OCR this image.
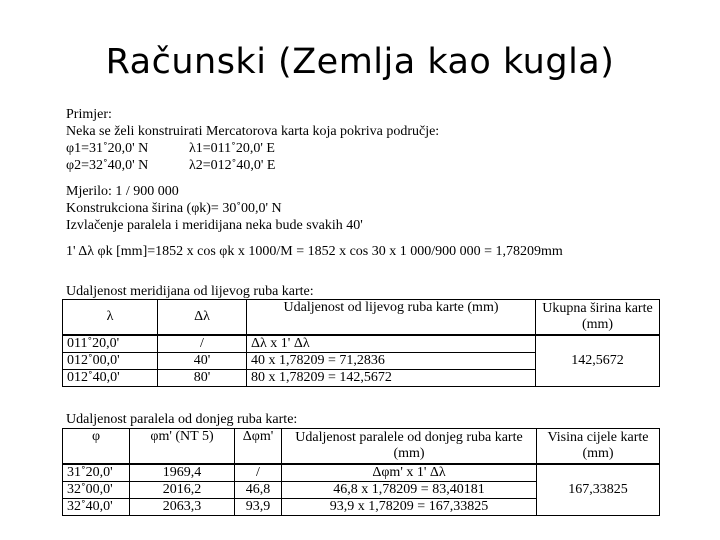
Računski (Zemlja kao kugla)
Primjer:
Neka se želi konstruirati Mercatorova karta koja pokriva područje:
φ1=31˚20,0' N	λ1=011˚20,0' E
φ2=32˚40,0' N	λ2=012˚40,0' E
Mjerilo: 1 / 900 000
Konstrukciona širina (φk)= 30˚00,0' N
Izvlačenje paralela i meridijana neka bude svakih 40'
1' Δλ φk [mm]=1852 x cos φk x 1000/M = 1852 x cos 30 x 1 000/900 000 = 1,78209mm
Udaljenost meridijana od lijevog ruba karte:
λ	Δλ	Udaljenost od lijevog ruba karte (mm)	Ukupna širina karte (mm)
011˚20,0'	/	Δλ x 1' Δλ	142,5672
012˚00,0'	40'	40 x 1,78209 = 71,2836	
012˚40,0'	80'	80 x 1,78209 = 142,5672	
Udaljenost paralela od donjeg ruba karte:
φ	φm' (NT 5)	Δφm'	Udaljenost paralele od donjeg ruba karte (mm)	Visina cijele karte (mm)
31˚20,0'	1969,4	/	Δφm' x 1' Δλ	167,33825
32˚00,0'	2016,2	46,8	46,8 x 1,78209 = 83,40181	
32˚40,0'	2063,3	93,9	93,9 x 1,78209 = 167,33825	
